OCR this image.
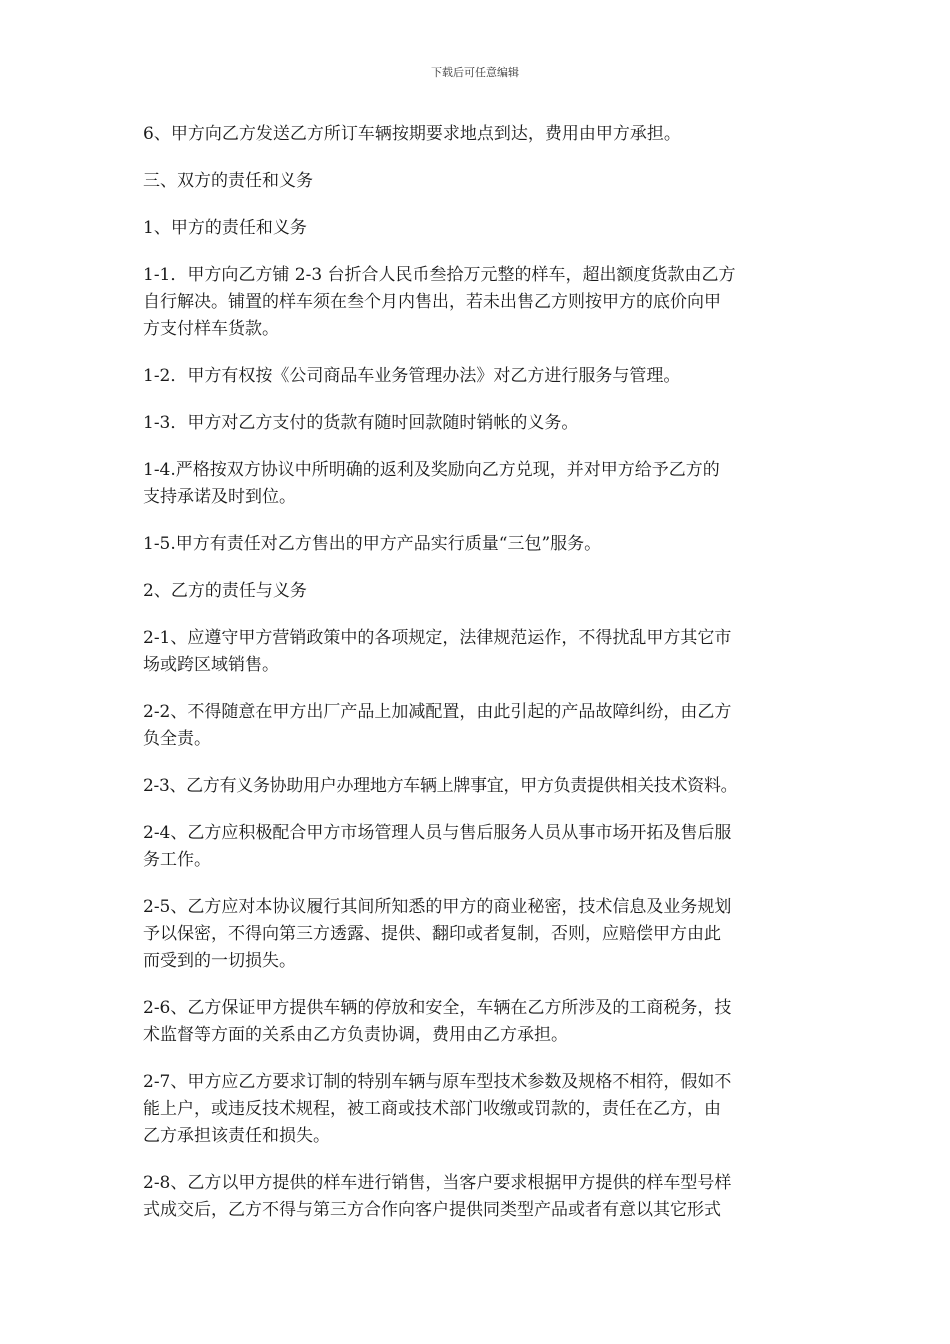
下载后可任意编辑

6、甲方向乙方发送乙方所订车辆按期要求地点到达，费用由甲方承担。

三、双方的责任和义务

1、甲方的责任和义务

1-1．甲方向乙方铺 2-3 台折合人民币叁拾万元整的样车，超出额度货款由乙方
自行解决。铺置的样车须在叁个月内售出，若未出售乙方则按甲方的底价向甲
方支付样车货款。

1-2．甲方有权按《公司商品车业务管理办法》对乙方进行服务与管理。

1-3．甲方对乙方支付的货款有随时回款随时销帐的义务。

1-4.严格按双方协议中所明确的返利及奖励向乙方兑现，并对甲方给予乙方的
支持承诺及时到位。

1-5.甲方有责任对乙方售出的甲方产品实行质量“三包”服务。

2、乙方的责任与义务

2-1、应遵守甲方营销政策中的各项规定，法律规范运作，不得扰乱甲方其它市
场或跨区域销售。

2-2、不得随意在甲方出厂产品上加减配置，由此引起的产品故障纠纷，由乙方
负全责。

2-3、乙方有义务协助用户办理地方车辆上牌事宜，甲方负责提供相关技术资料。

2-4、乙方应积极配合甲方市场管理人员与售后服务人员从事市场开拓及售后服
务工作。

2-5、乙方应对本协议履行其间所知悉的甲方的商业秘密，技术信息及业务规划
予以保密，不得向第三方透露、提供、翻印或者复制，否则，应赔偿甲方由此
而受到的一切损失。

2-6、乙方保证甲方提供车辆的停放和安全，车辆在乙方所涉及的工商税务，技
术监督等方面的关系由乙方负责协调，费用由乙方承担。

2-7、甲方应乙方要求订制的特别车辆与原车型技术参数及规格不相符，假如不
能上户，或违反技术规程，被工商或技术部门收缴或罚款的，责任在乙方，由
乙方承担该责任和损失。

2-8、乙方以甲方提供的样车进行销售，当客户要求根据甲方提供的样车型号样
式成交后，乙方不得与第三方合作向客户提供同类型产品或者有意以其它形式
